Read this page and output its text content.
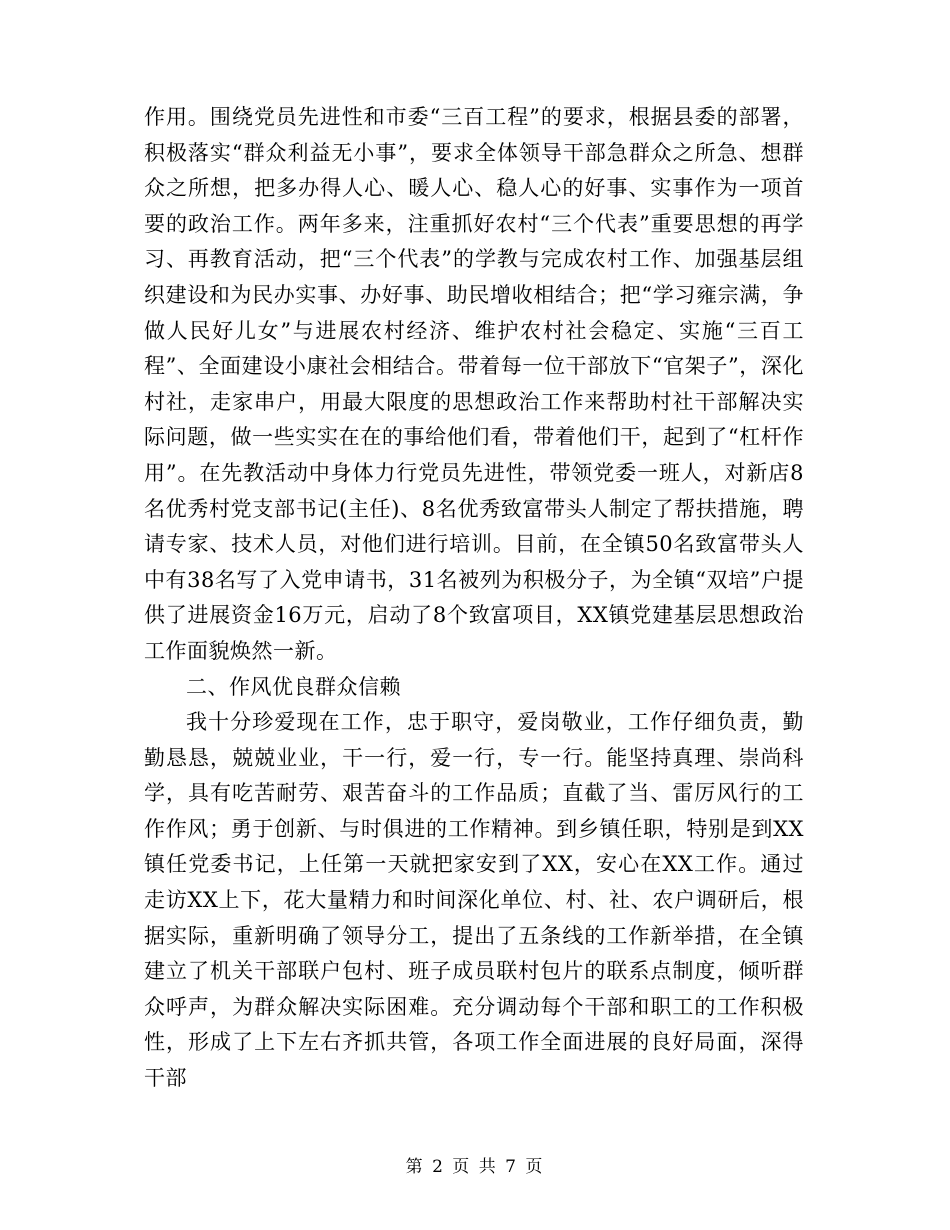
作用。围绕党员先进性和市委“三百工程”的要求，根据县委的部署，积极落实“群众利益无小事”，要求全体领导干部急群众之所急、想群众之所想，把多办得人心、暖人心、稳人心的好事、实事作为一项首要的政治工作。两年多来，注重抓好农村“三个代表”重要思想的再学习、再教育活动，把“三个代表”的学教与完成农村工作、加强基层组织建设和为民办实事、办好事、助民增收相结合；把“学习雍宗满，争做人民好儿女”与进展农村经济、维护农村社会稳定、实施“三百工程”、全面建设小康社会相结合。带着每一位干部放下“官架子”，深化村社，走家串户，用最大限度的思想政治工作来帮助村社干部解决实际问题，做一些实实在在的事给他们看，带着他们干，起到了“杠杆作用”。在先教活动中身体力行党员先进性，带领党委一班人，对新店8名优秀村党支部书记(主任)、8名优秀致富带头人制定了帮扶措施，聘请专家、技术人员，对他们进行培训。目前，在全镇50名致富带头人中有38名写了入党申请书，31名被列为积极分子，为全镇“双培”户提供了进展资金16万元，启动了8个致富项目，XX镇党建基层思想政治工作面貌焕然一新。

二、作风优良群众信赖

我十分珍爱现在工作，忠于职守，爱岗敬业，工作仔细负责，勤勤恳恳，兢兢业业，干一行，爱一行，专一行。能坚持真理、崇尚科学，具有吃苦耐劳、艰苦奋斗的工作品质；直截了当、雷厉风行的工作作风；勇于创新、与时俱进的工作精神。到乡镇任职，特别是到XX镇任党委书记，上任第一天就把家安到了XX，安心在XX工作。通过走访XX上下，花大量精力和时间深化单位、村、社、农户调研后，根据实际，重新明确了领导分工，提出了五条线的工作新举措，在全镇建立了机关干部联户包村、班子成员联村包片的联系点制度，倾听群众呼声，为群众解决实际困难。充分调动每个干部和职工的工作积极性，形成了上下左右齐抓共管，各项工作全面进展的良好局面，深得干部

第 2 页 共 7 页
